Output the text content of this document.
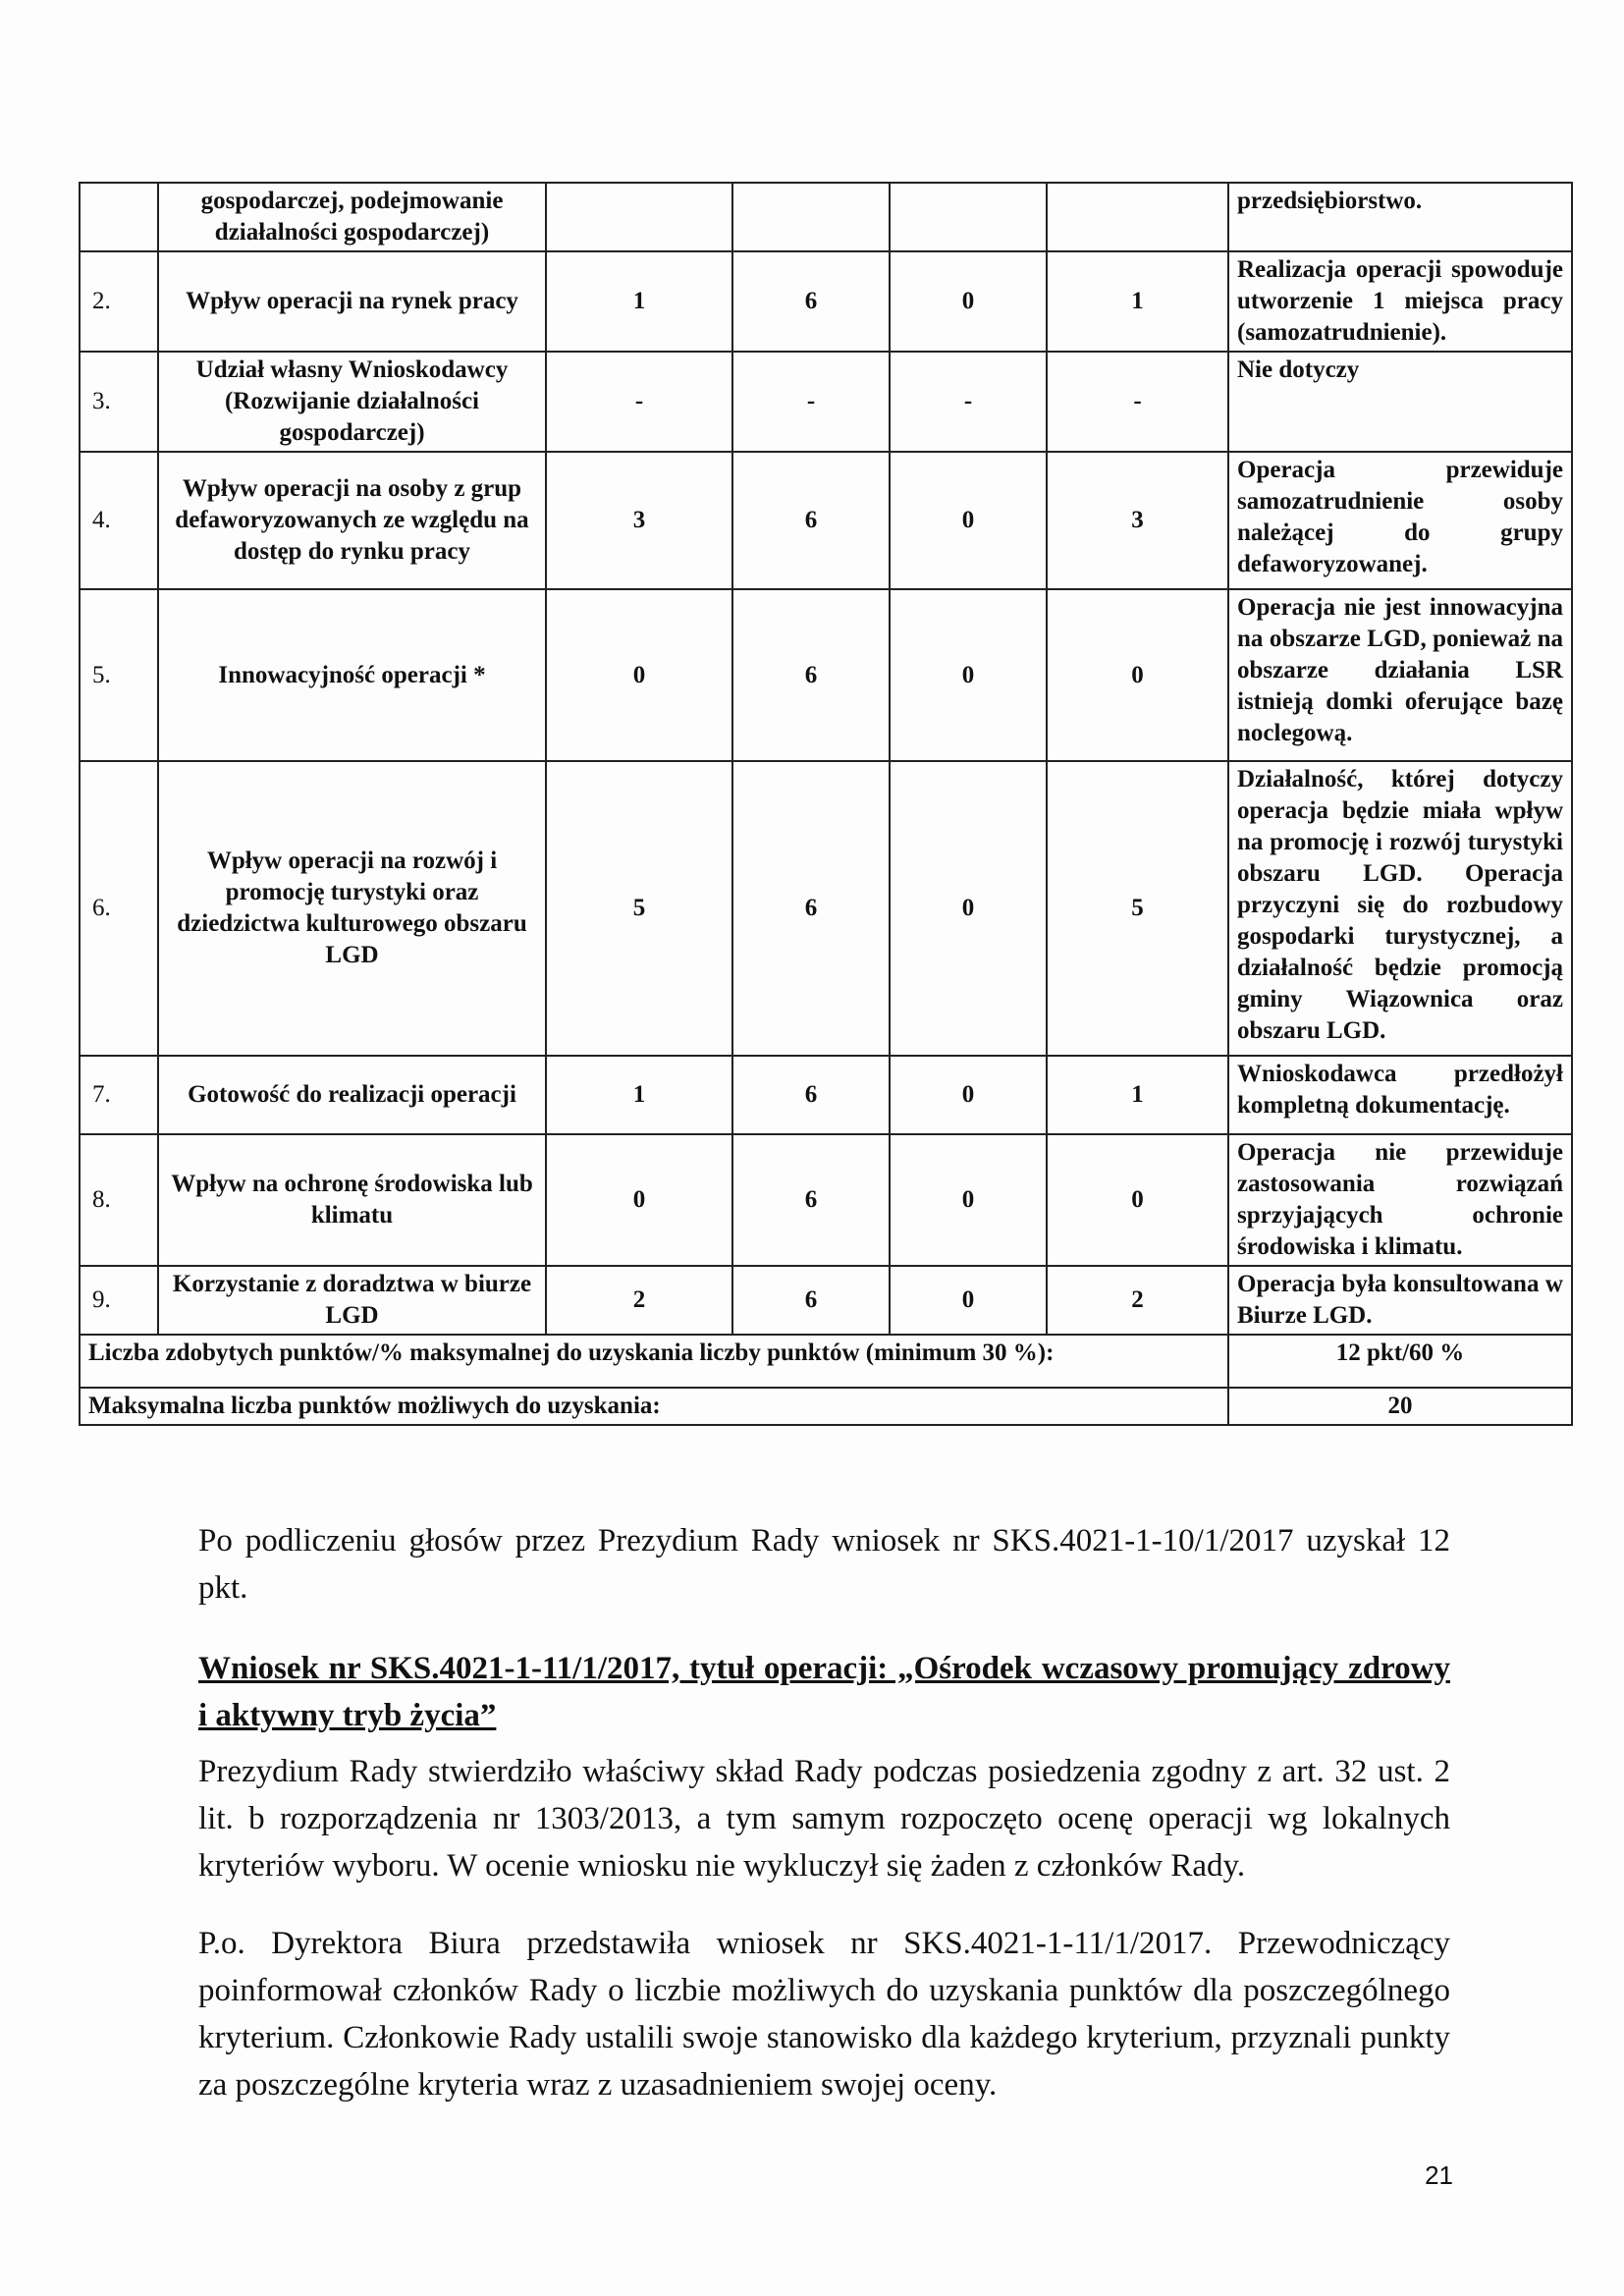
	gospodarczej, podejmowanie działalności gospodarczej)					przedsiębiorstwo.
2.	Wpływ operacji na rynek pracy	1	6	0	1	Realizacja operacji spowoduje utworzenie 1 miejsca pracy (samozatrudnienie).
3.	Udział własny Wnioskodawcy (Rozwijanie działalności gospodarczej)	-	-	-	-	Nie dotyczy
4.	Wpływ operacji na osoby z grup defaworyzowanych ze względu na dostęp do rynku pracy	3	6	0	3	Operacja przewiduje samozatrudnienie osoby należącej do grupy defaworyzowanej.
5.	Innowacyjność operacji *	0	6	0	0	Operacja nie jest innowacyjna na obszarze LGD, ponieważ na obszarze działania LSR istnieją domki oferujące bazę noclegową.
6.	Wpływ operacji na rozwój i promocję turystyki oraz dziedzictwa kulturowego obszaru LGD	5	6	0	5	Działalność, której dotyczy operacja będzie miała wpływ na promocję i rozwój turystyki obszaru LGD. Operacja przyczyni się do rozbudowy gospodarki turystycznej, a działalność będzie promocją gminy Wiązownica oraz obszaru LGD.
7.	Gotowość do realizacji operacji	1	6	0	1	Wnioskodawca przedłożył kompletną dokumentację.
8.	Wpływ na ochronę środowiska lub klimatu	0	6	0	0	Operacja nie przewiduje zastosowania rozwiązań sprzyjających ochronie środowiska i klimatu.
9.	Korzystanie z doradztwa w biurze LGD	2	6	0	2	Operacja była konsultowana w Biurze LGD.
Liczba zdobytych punktów/% maksymalnej do uzyskania liczby punktów (minimum 30 %):						12 pkt/60 %
Maksymalna liczba punktów możliwych do uzyskania:						20

Po podliczeniu głosów przez Prezydium Rady wniosek nr SKS.4021-1-10/1/2017 uzyskał 12 pkt.

Wniosek nr SKS.4021-1-11/1/2017, tytuł operacji: „Ośrodek wczasowy promujący zdrowy i aktywny tryb życia”

Prezydium Rady stwierdziło właściwy skład Rady podczas posiedzenia zgodny z art. 32 ust. 2 lit. b rozporządzenia nr 1303/2013, a tym samym rozpoczęto ocenę operacji wg lokalnych kryteriów wyboru. W ocenie wniosku nie wykluczył się żaden z członków Rady.

P.o. Dyrektora Biura przedstawiła wniosek nr SKS.4021-1-11/1/2017. Przewodniczący poinformował członków Rady o liczbie możliwych do uzyskania punktów dla poszczególnego kryterium. Członkowie Rady ustalili swoje stanowisko dla każdego kryterium, przyznali punkty za poszczególne kryteria wraz z uzasadnieniem swojej oceny.

21
